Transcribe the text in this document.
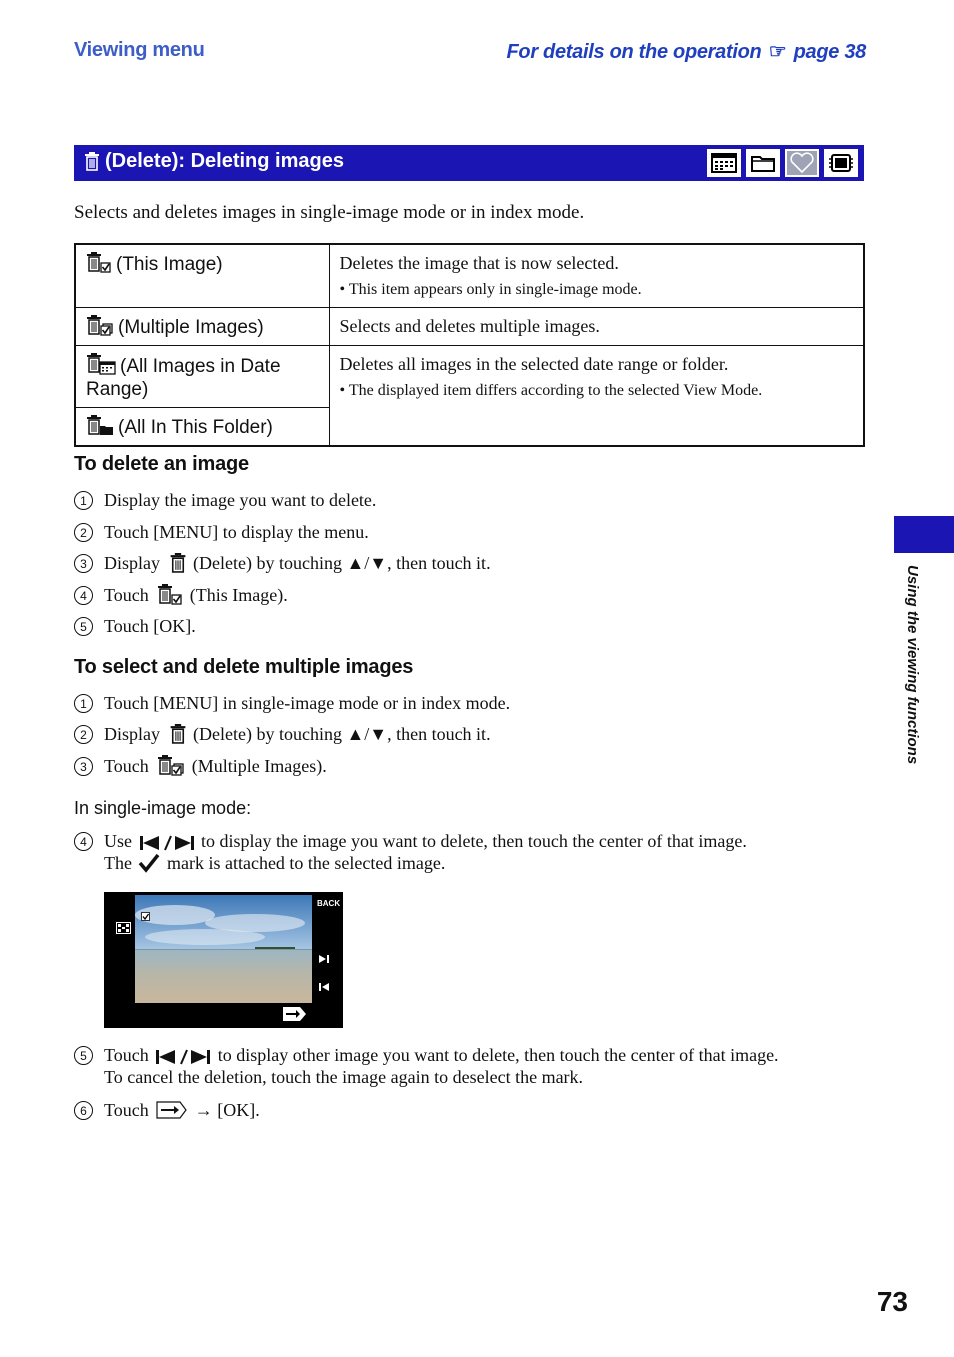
Viewing menu	For details on the operation ☞ page 38
(Delete): Deleting images
Selects and deletes images in single-image mode or in index mode.
(This Image)	Deletes the image that is now selected.
• This item appears only in single-image mode.

(Multiple Images)	Selects and deletes multiple images.

(All Images in Date Range)	Deletes all images in the selected date range or folder.
• The displayed item differs according to the selected View Mode.

(All In This Folder)	
To delete an image
1 Display the image you want to delete.
2 Touch [MENU] to display the menu.
3 Display (Delete) by touching ▲/▼, then touch it.
4 Touch (This Image).
5 Touch [OK].
To select and delete multiple images
1 Touch [MENU] in single-image mode or in index mode.
2 Display (Delete) by touching ▲/▼, then touch it.
3 Touch (Multiple Images).
In single-image mode:
4 Use	to display the image you want to delete, then touch the center of that image.
The mark is attached to the selected image.
BACK
5 Touch	to display other image you want to delete, then touch the center of that image.
To cancel the deletion, touch the image again to deselect the mark.
6 Touch	→ [OK].
Using the viewing functions
73
